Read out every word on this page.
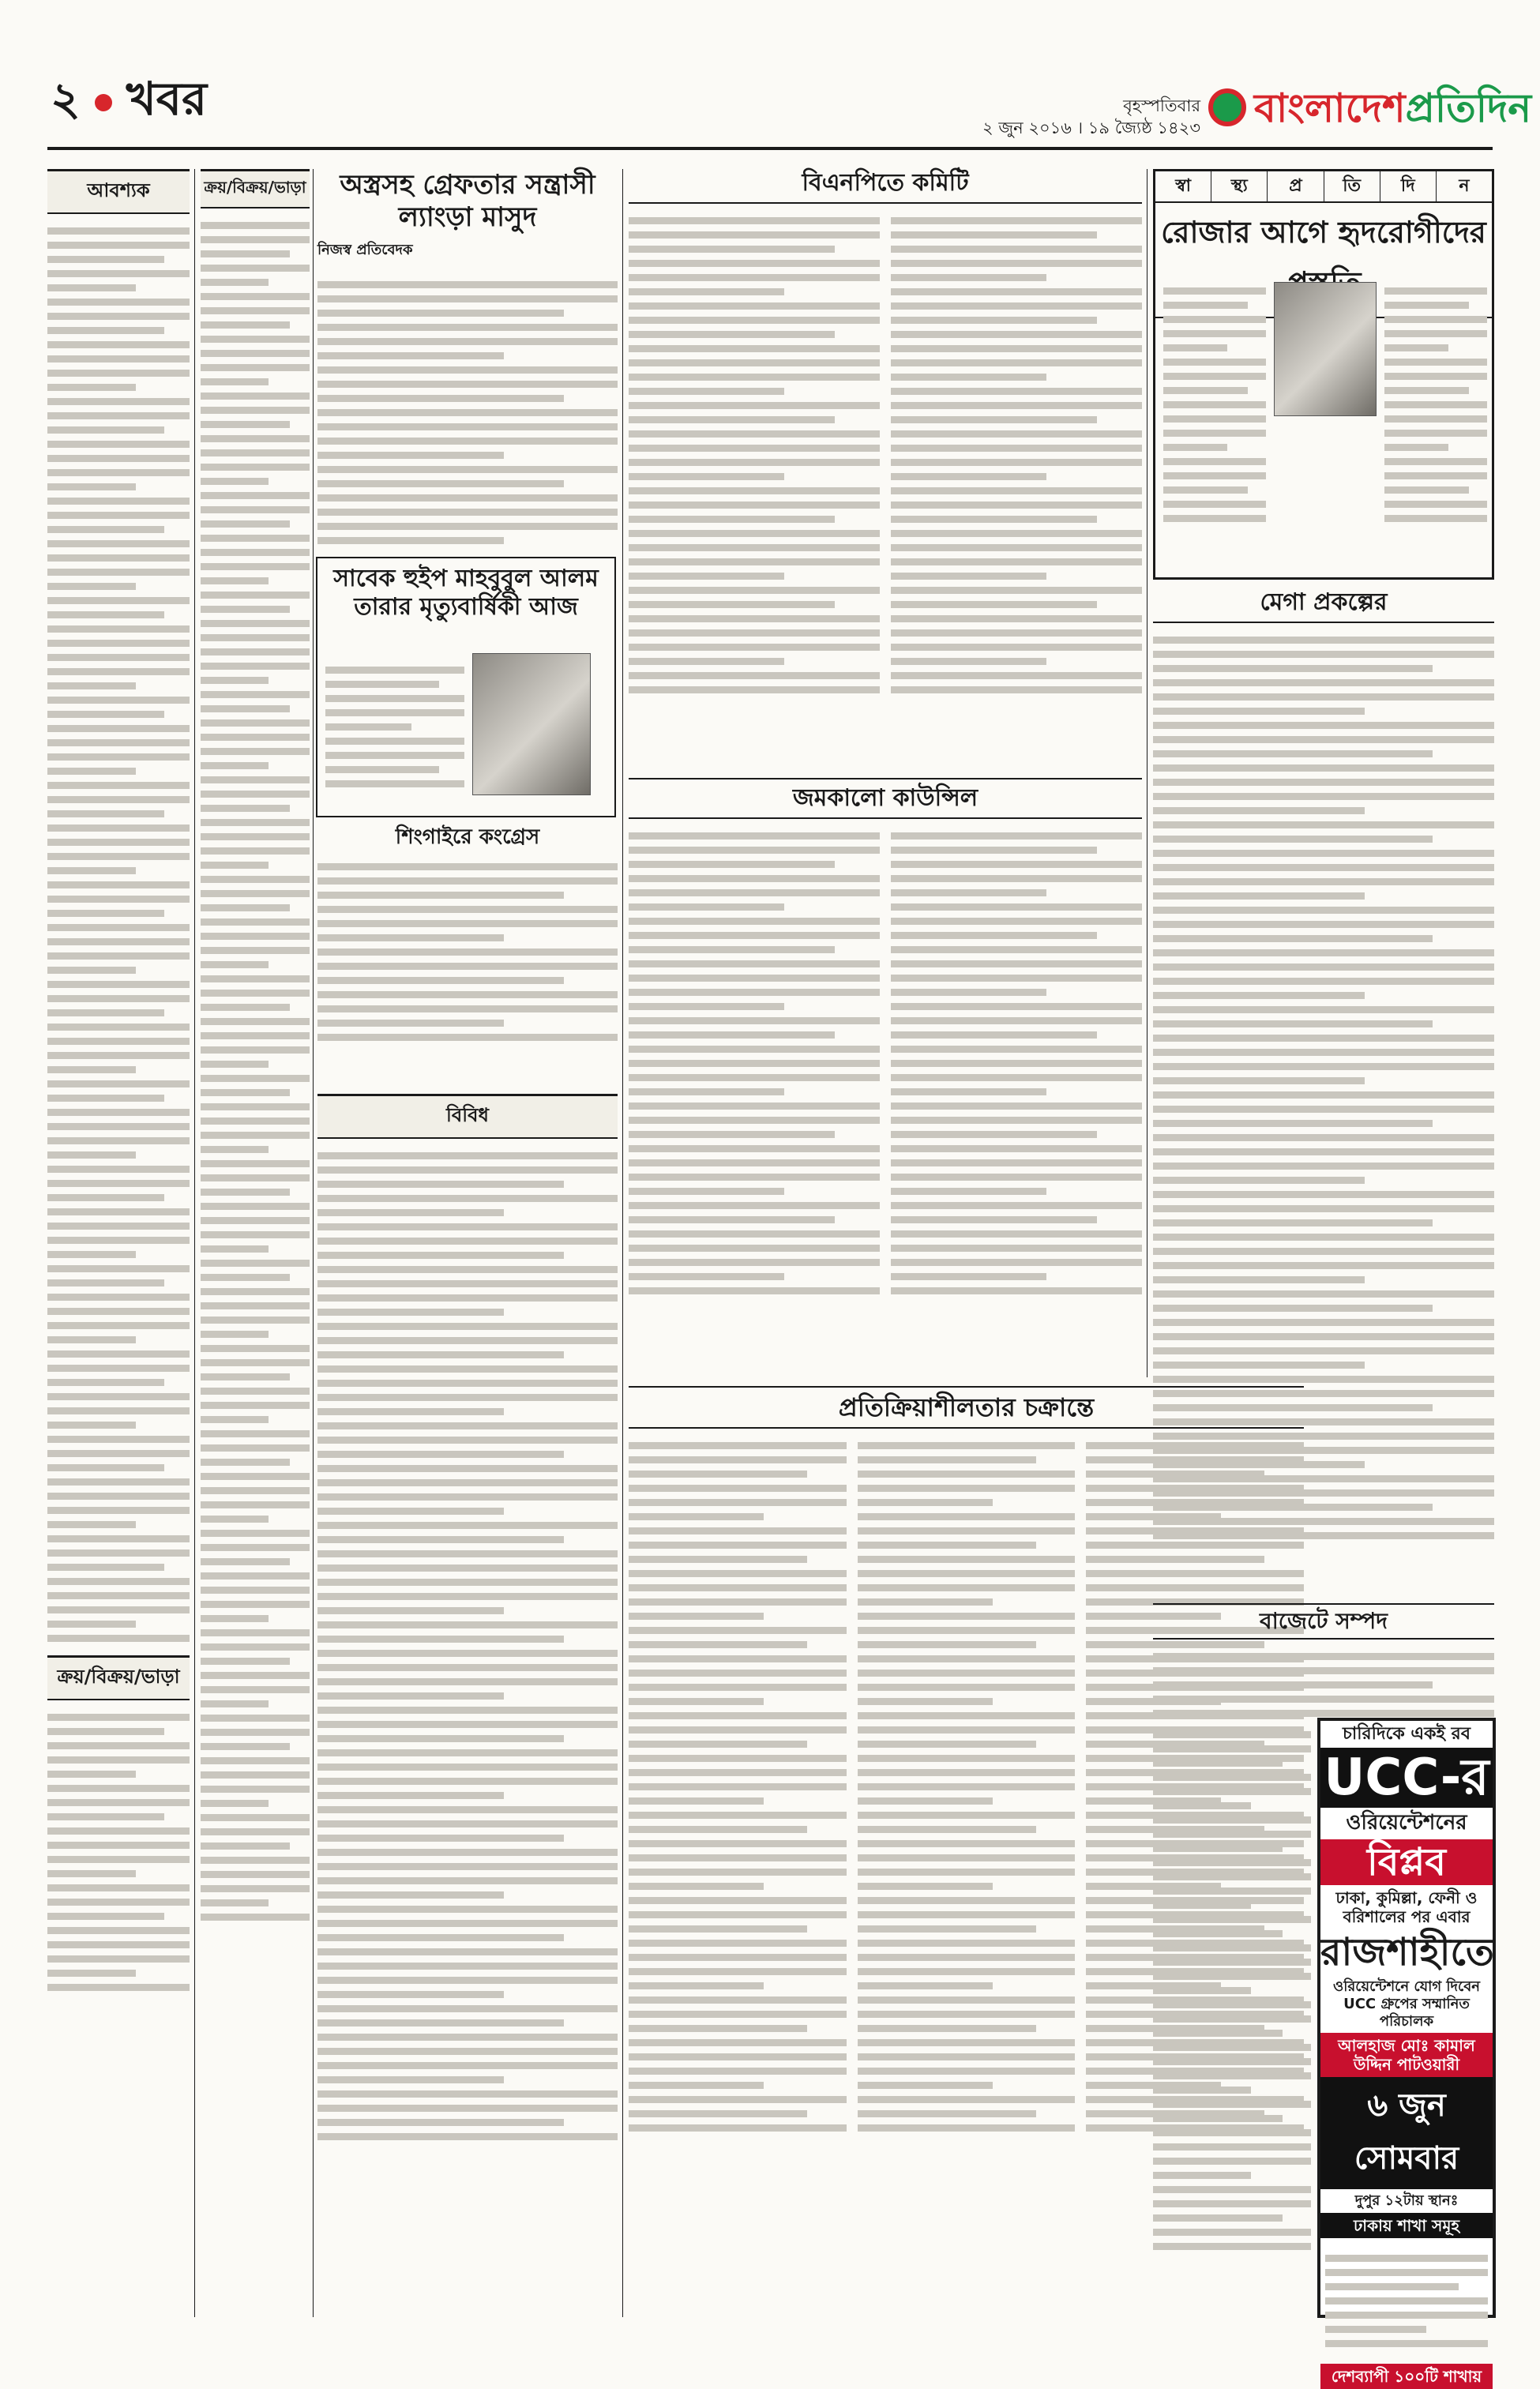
২ খবর	বৃহস্পতিবার
২ জুন ২০১৬ । ১৯ জ্যৈষ্ঠ ১৪২৩ বাংলাদেশপ্রতিদিন
আবশ্যক
ক্রয়/বিক্রয়/ভাড়া
ক্রয়/বিক্রয়/ভাড়া	অস্ত্রসহ গ্রেফতার সন্ত্রাসী ল্যাংড়া মাসুদ
নিজস্ব প্রতিবেদক
সাবেক হুইপ মাহবুবুল আলম তারার মৃত্যুবার্ষিকী আজ
শিংগাইরে কংগ্রেস
বিবিধ
বিএনপিতে কমিটি
জমকালো কাউন্সিল
প্রতিক্রিয়াশীলতার চক্রান্তে
স্বা	স্থ্য	প্র	তি	দি	ন
রোজার আগে হৃদরোগীদের
মেগা প্রকল্পের
বাজেটে সম্পদ
চারিদিকে একই রব
UCC-র
ওরিয়েন্টেশনের
বিপ্লব
ঢাকা, কুমিল্লা, ফেনী ও বরিশালের পর এবার
রাজশাহীতে
ওরিয়েন্টেশনে যোগ দিবেন UCC গ্রুপের সম্মানিত পরিচালক
আলহাজ মোঃ কামাল উদ্দিন পাটওয়ারী
৬ জুন সোমবার
দুপুর ১২টায় স্থানঃ
ঢাকায় শাখা সমূহ
দেশব্যাপী ১০০টি শাখায়
